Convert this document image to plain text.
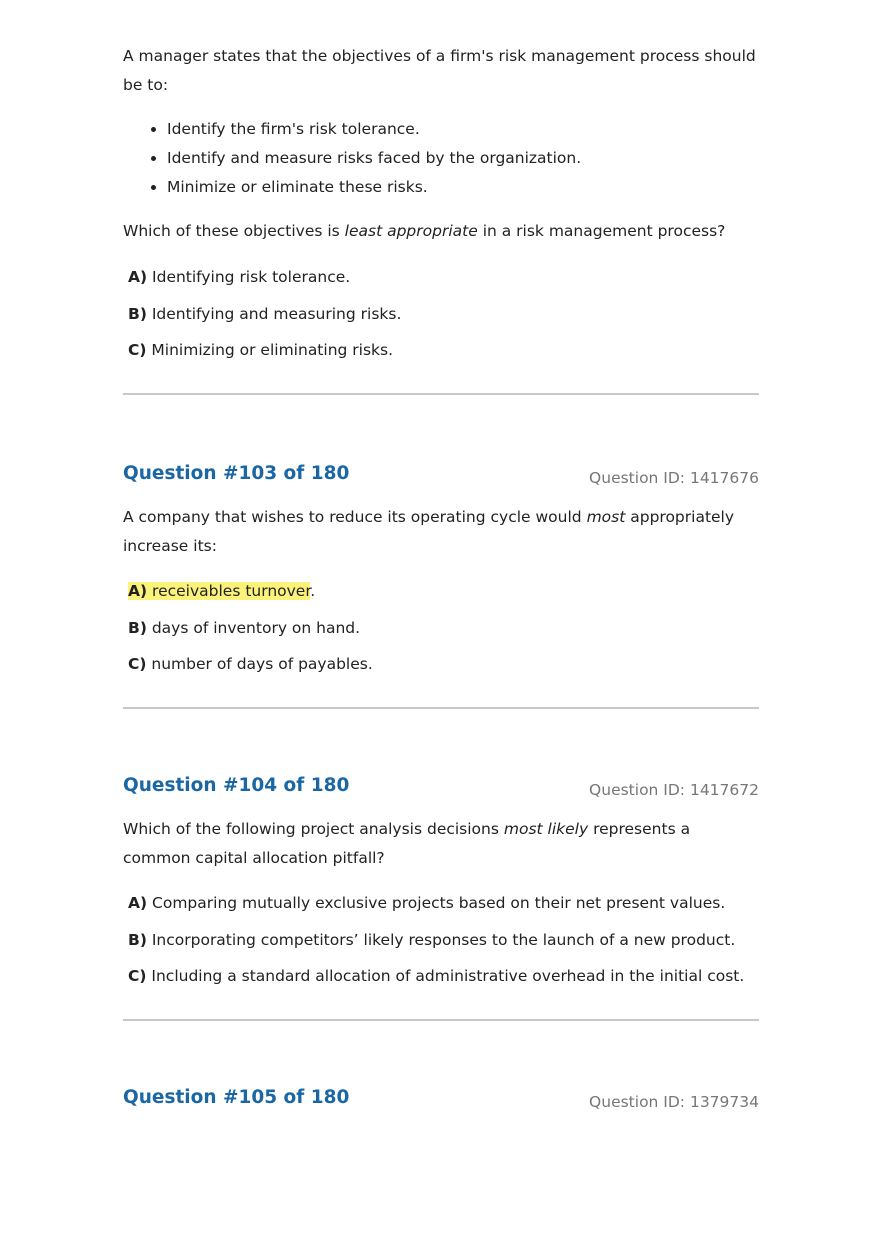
A manager states that the objectives of a firm's risk management process should be to:

• Identify the firm's risk tolerance.
• Identify and measure risks faced by the organization.
• Minimize or eliminate these risks.

Which of these objectives is least appropriate in a risk management process?

A) Identifying risk tolerance.
B) Identifying and measuring risks.
C) Minimizing or eliminating risks.
Question #103 of 180	Question ID: 1417676

A company that wishes to reduce its operating cycle would most appropriately increase its:

A) receivables turnover.
B) days of inventory on hand.
C) number of days of payables.
Question #104 of 180	Question ID: 1417672

Which of the following project analysis decisions most likely represents a common capital allocation pitfall?

A) Comparing mutually exclusive projects based on their net present values.
B) Incorporating competitors’ likely responses to the launch of a new product.
C) Including a standard allocation of administrative overhead in the initial cost.
Question #105 of 180	Question ID: 1379734
